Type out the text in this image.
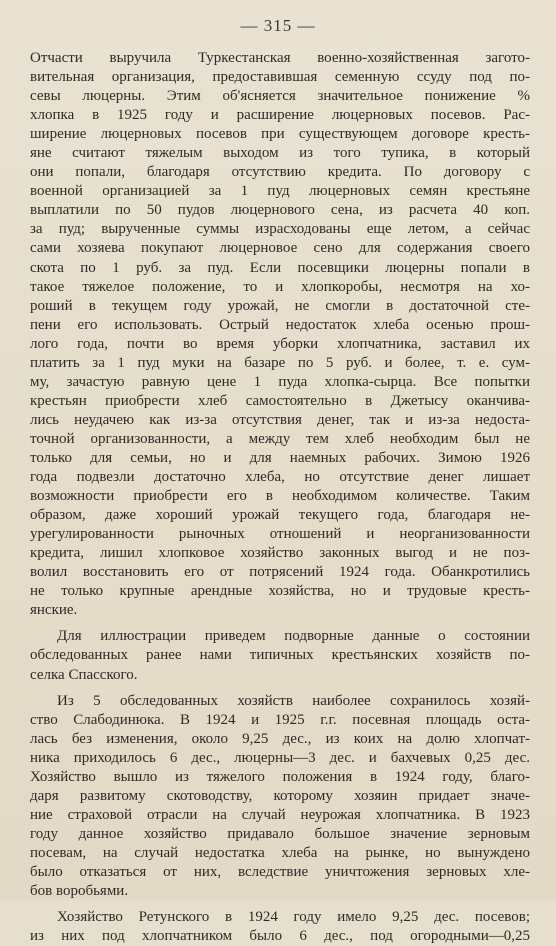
— 315 —
Отчасти выручила Туркестанская военно-хозяйственная загото-
вительная организация, предоставившая семенную ссуду под по-
севы люцерны. Этим об'ясняется значительное понижение %
хлопка в 1925 году и расширение люцерновых посевов. Рас-
ширение люцерновых посевов при существующем договоре кресть-
яне считают тяжелым выходом из того тупика, в который
они попали, благодаря отсутствию кредита. По договору с
военной организацией за 1 пуд люцерновых семян крестьяне
выплатили по 50 пудов люцернового сена, из расчета 40 коп.
за пуд; вырученные суммы израсходованы еще летом, а сейчас
сами хозяева покупают люцерновое сено для содержания своего
скота по 1 руб. за пуд. Если посевщики люцерны попали в
такое тяжелое положение, то и хлопкоробы, несмотря на хо-
роший в текущем году урожай, не смогли в достаточной сте-
пени его использовать. Острый недостаток хлеба осенью прош-
лого года, почти во время уборки хлопчатника, заставил их
платить за 1 пуд муки на базаре по 5 руб. и более, т. е. сум-
му, зачастую равную цене 1 пуда хлопка-сырца. Все попытки
крестьян приобрести хлеб самостоятельно в Джетысу оканчива-
лись неудачею как из-за отсутствия денег, так и из-за недоста-
точной организованности, а между тем хлеб необходим был не
только для семьи, но и для наемных рабочих. Зимою 1926
года подвезли достаточно хлеба, но отсутствие денег лишает
возможности приобрести его в необходимом количестве. Таким
образом, даже хороший урожай текущего года, благодаря не-
урегулированности рыночных отношений и неорганизованности
кредита, лишил хлопковое хозяйство законных выгод и не поз-
волил восстановить его от потрясений 1924 года. Обанкротились
не только крупные арендные хозяйства, но и трудовые кресть-
янские.
Для иллюстрации приведем подворные данные о состоянии
обследованных ранее нами типичных крестьянских хозяйств по-
селка Спасского.
Из 5 обследованных хозяйств наиболее сохранилось хозяй-
ство Слабодинюка. В 1924 и 1925 г.г. посевная площадь оста-
лась без изменения, около 9,25 дес., из коих на долю хлопчат-
ника приходилось 6 дес., люцерны—3 дес. и бахчевых 0,25 дес.
Хозяйство вышло из тяжелого положения в 1924 году, благо-
даря развитому скотоводству, которому хозяин придает значе-
ние страховой отрасли на случай неурожая хлопчатника. В 1923
году данное хозяйство придавало большое значение зерновым
посевам, на случай недостатка хлеба на рынке, но вынуждено
было отказаться от них, вследствие уничтожения зерновых хле-
бов воробьями.
Хозяйство Ретунского в 1924 году имело 9,25 дес. посевов;
из них под хлопчатником было 6 дес., под огородными—0,25
